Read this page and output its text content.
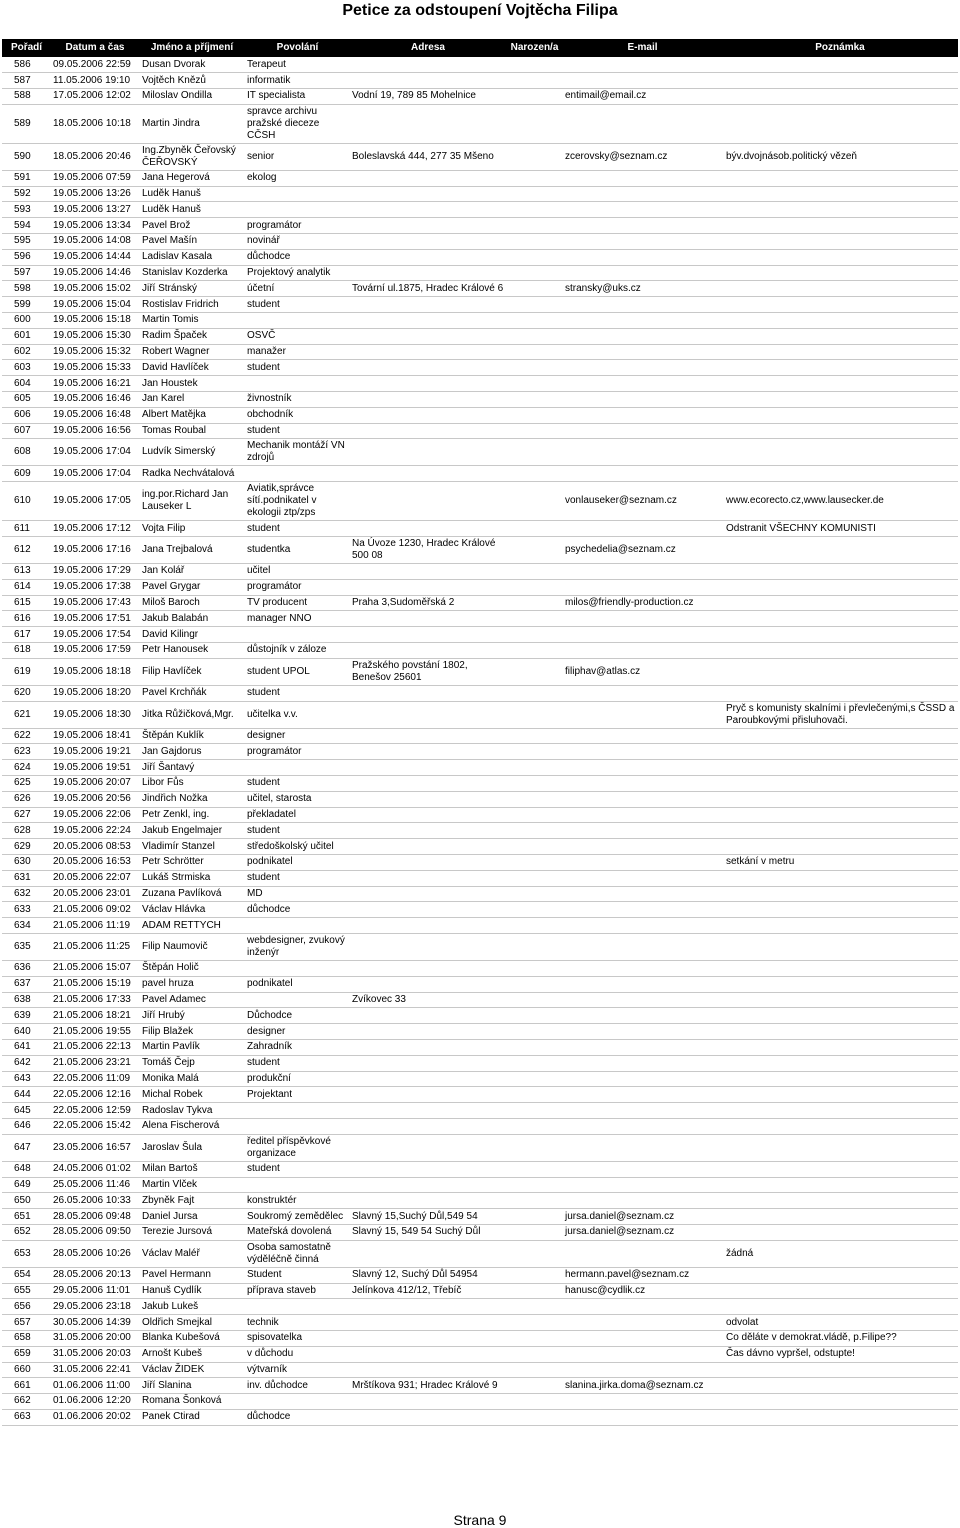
Petice za odstoupení Vojtěcha Filipa
Pořadí	Datum a čas	Jméno a příjmení	Povolání	Adresa	Narozen/a	E-mail	Poznámka
586	09.05.2006 22:59	Dusan Dvorak	Terapeut				
587	11.05.2006 19:10	Vojtěch Knězů	informatik				
588	17.05.2006 12:02	Miloslav Ondilla	IT specialista	Vodní 19, 789 85 Mohelnice		entimail@email.cz	
589	18.05.2006 10:18	Martin Jindra	spravce archivu pražské dieceze CČSH				
590	18.05.2006 20:46	Ing.Zbyněk Čeřovský ČEŘOVSKÝ	senior	Boleslavská 444, 277 35 Mšeno		zcerovsky@seznam.cz	býv.dvojnásob.politický vězeň
591	19.05.2006 07:59	Jana Hegerová	ekolog				
592	19.05.2006 13:26	Luděk Hanuš					
593	19.05.2006 13:27	Luděk Hanuš					
594	19.05.2006 13:34	Pavel Brož	programátor				
595	19.05.2006 14:08	Pavel Mašín	novinář				
596	19.05.2006 14:44	Ladislav Kasala	důchodce				
597	19.05.2006 14:46	Stanislav Kozderka	Projektový analytik				
598	19.05.2006 15:02	Jiří Stránský	účetní	Tovární ul.1875, Hradec Králové 6		stransky@uks.cz	
599	19.05.2006 15:04	Rostislav Fridrich	student				
600	19.05.2006 15:18	Martin Tomis					
601	19.05.2006 15:30	Radim Špaček	OSVČ				
602	19.05.2006 15:32	Robert Wagner	manažer				
603	19.05.2006 15:33	David Havlíček	student				
604	19.05.2006 16:21	Jan Houstek					
605	19.05.2006 16:46	Jan Karel	živnostník				
606	19.05.2006 16:48	Albert Matějka	obchodník				
607	19.05.2006 16:56	Tomas Roubal	student				
608	19.05.2006 17:04	Ludvík Simerský	Mechanik montáží VN zdrojů				
609	19.05.2006 17:04	Radka Nechvátalová					
610	19.05.2006 17:05	ing.por.Richard Jan Lauseker L	Aviatik,správce sítí.podnikatel v ekologii ztp/zps			vonlauseker@seznam.cz	www.ecorecto.cz,www.lausecker.de
611	19.05.2006 17:12	Vojta Filip	student				Odstranit VŠECHNY KOMUNISTI
612	19.05.2006 17:16	Jana Trejbalová	studentka	Na Úvoze 1230, Hradec Králové 500 08		psychedelia@seznam.cz	
613	19.05.2006 17:29	Jan Kolář	učitel				
614	19.05.2006 17:38	Pavel Grygar	programátor				
615	19.05.2006 17:43	Miloš Baroch	TV producent	Praha 3,Sudoměřská 2		milos@friendly-production.cz	
616	19.05.2006 17:51	Jakub Balabán	manager NNO				
617	19.05.2006 17:54	David Kilingr					
618	19.05.2006 17:59	Petr Hanousek	důstojník v záloze				
619	19.05.2006 18:18	Filip Havlíček	student UPOL	Pražského povstání 1802, Benešov 25601		filiphav@atlas.cz	
620	19.05.2006 18:20	Pavel Krchňák	student				
621	19.05.2006 18:30	Jitka Růžičková,Mgr.	učitelka v.v.				Pryč s komunisty skalními i převlečenými,s ČSSD a Paroubkovými přisluhovači.
622	19.05.2006 18:41	Štěpán Kuklík	designer				
623	19.05.2006 19:21	Jan Gajdorus	programátor				
624	19.05.2006 19:51	Jiří Šantavý					
625	19.05.2006 20:07	Libor Fůs	student				
626	19.05.2006 20:56	Jindřich Nožka	učitel, starosta				
627	19.05.2006 22:06	Petr Zenkl, ing.	překladatel				
628	19.05.2006 22:24	Jakub Engelmajer	student				
629	20.05.2006 08:53	Vladimír Stanzel	středoškolský učitel				
630	20.05.2006 16:53	Petr Schrötter	podnikatel				setkání v metru
631	20.05.2006 22:07	Lukáš Strmiska	student				
632	20.05.2006 23:01	Zuzana Pavlíková	MD				
633	21.05.2006 09:02	Václav Hlávka	důchodce				
634	21.05.2006 11:19	ADAM RETTYCH					
635	21.05.2006 11:25	Filip Naumovič	webdesigner, zvukový inženýr				
636	21.05.2006 15:07	Štěpán Holič					
637	21.05.2006 15:19	pavel hruza	podnikatel				
638	21.05.2006 17:33	Pavel Adamec		Zvíkovec 33			
639	21.05.2006 18:21	Jiří Hrubý	Důchodce				
640	21.05.2006 19:55	Filip Blažek	designer				
641	21.05.2006 22:13	Martin Pavlík	Zahradník				
642	21.05.2006 23:21	Tomáš Čejp	student				
643	22.05.2006 11:09	Monika Malá	produkční				
644	22.05.2006 12:16	Michal Robek	Projektant				
645	22.05.2006 12:59	Radoslav Tykva					
646	22.05.2006 15:42	Alena Fischerová					
647	23.05.2006 16:57	Jaroslav Šula	ředitel příspěvkové organizace				
648	24.05.2006 01:02	Milan Bartoš	student				
649	25.05.2006 11:46	Martin Vlček					
650	26.05.2006 10:33	Zbyněk Fajt	konstruktér				
651	28.05.2006 09:48	Daniel Jursa	Soukromý zemědělec	Slavný 15,Suchý Důl,549 54		jursa.daniel@seznam.cz	
652	28.05.2006 09:50	Terezie Jursová	Mateřská dovolená	Slavný 15, 549 54 Suchý Důl		jursa.daniel@seznam.cz	
653	28.05.2006 10:26	Václav Maléř	Osoba samostatně výděléčně činná				žádná
654	28.05.2006 20:13	Pavel Hermann	Student	Slavný 12, Suchý Důl 54954		hermann.pavel@seznam.cz	
655	29.05.2006 11:01	Hanuš Cydlík	příprava staveb	Jelínkova 412/12, Třebíč		hanusc@cydlik.cz	
656	29.05.2006 23:18	Jakub Lukeš					
657	30.05.2006 14:39	Oldřich Smejkal	technik				odvolat
658	31.05.2006 20:00	Blanka Kubešová	spisovatelka				Co děláte v demokrat.vládě, p.Filipe??
659	31.05.2006 20:03	Arnošt Kubeš	v důchodu				Čas dávno vypršel, odstupte!
660	31.05.2006 22:41	Václav ŽIDEK	výtvarník				
661	01.06.2006 11:00	Jiří Slanina	inv. důchodce	Mrštíkova 931; Hradec Králové 9		slanina.jirka.doma@seznam.cz	
662	01.06.2006 12:20	Romana Šonková					
663	01.06.2006 20:02	Panek Ctirad	důchodce				
Strana 9
